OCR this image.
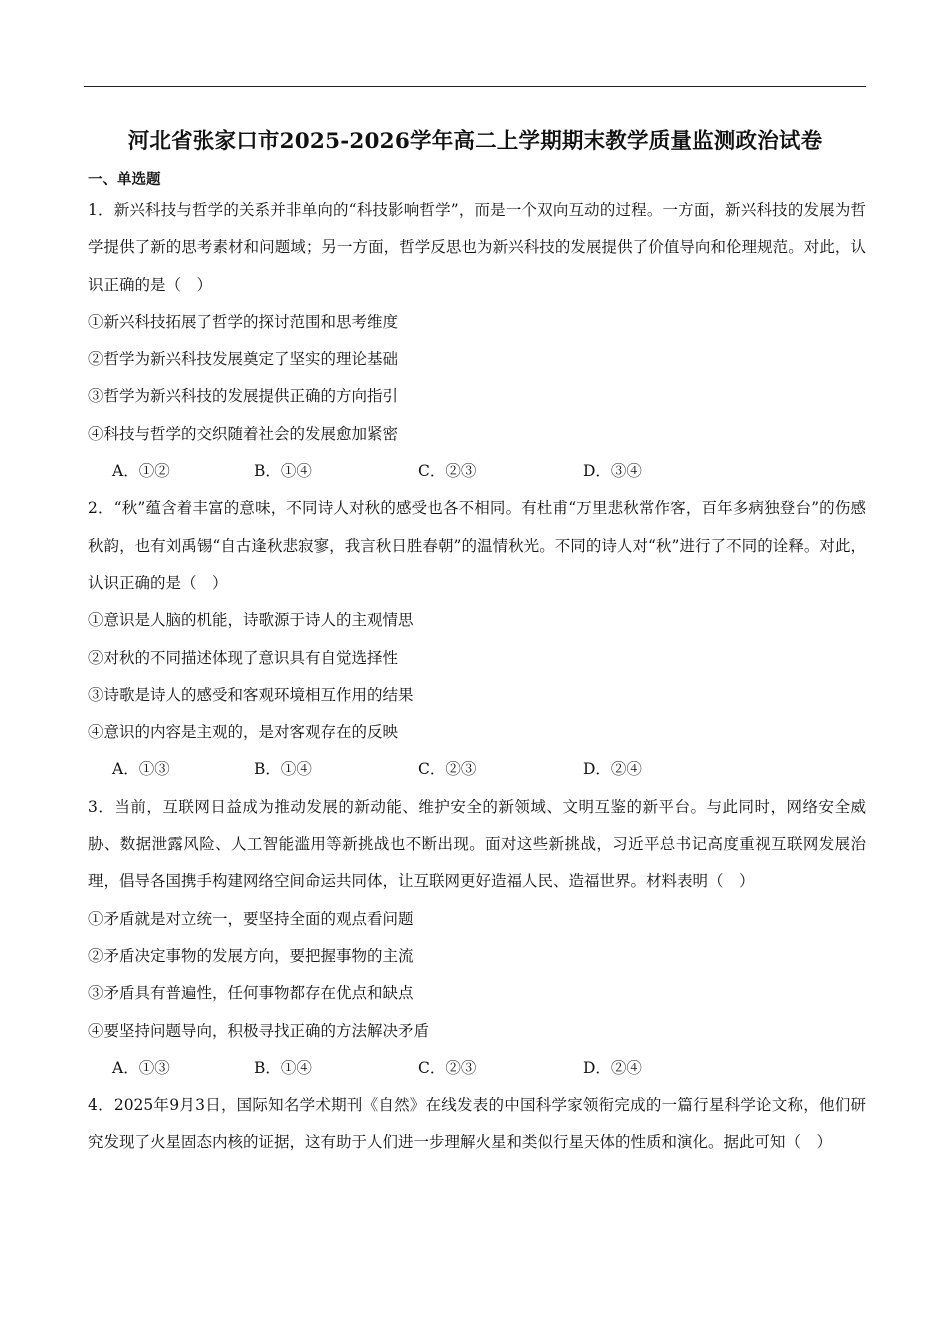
河北省张家口市2025-2026学年高二上学期期末教学质量监测政治试卷
一、单选题

1．新兴科技与哲学的关系并非单向的“科技影响哲学”，而是一个双向互动的过程。一方面，新兴科技的发展为哲学提供了新的思考素材和问题域；另一方面，哲学反思也为新兴科技的发展提供了价值导向和伦理规范。对此，认识正确的是（　）

①新兴科技拓展了哲学的探讨范围和思考维度

②哲学为新兴科技发展奠定了坚实的理论基础

③哲学为新兴科技的发展提供正确的方向指引

④科技与哲学的交织随着社会的发展愈加紧密

A．①②	B．①④	C．②③	D．③④

2．“秋”蕴含着丰富的意味，不同诗人对秋的感受也各不相同。有杜甫“万里悲秋常作客，百年多病独登台”的伤感秋韵，也有刘禹锡“自古逢秋悲寂寥，我言秋日胜春朝”的温情秋光。不同的诗人对“秋”进行了不同的诠释。对此，认识正确的是（　）

①意识是人脑的机能，诗歌源于诗人的主观情思

②对秋的不同描述体现了意识具有自觉选择性

③诗歌是诗人的感受和客观环境相互作用的结果

④意识的内容是主观的，是对客观存在的反映

A．①③	B．①④	C．②③	D．②④

3．当前，互联网日益成为推动发展的新动能、维护安全的新领域、文明互鉴的新平台。与此同时，网络安全威胁、数据泄露风险、人工智能滥用等新挑战也不断出现。面对这些新挑战，习近平总书记高度重视互联网发展治理，倡导各国携手构建网络空间命运共同体，让互联网更好造福人民、造福世界。材料表明（　）

①矛盾就是对立统一，要坚持全面的观点看问题

②矛盾决定事物的发展方向，要把握事物的主流

③矛盾具有普遍性，任何事物都存在优点和缺点

④要坚持问题导向，积极寻找正确的方法解决矛盾

A．①③	B．①④	C．②③	D．②④

4．2025年9月3日，国际知名学术期刊《自然》在线发表的中国科学家领衔完成的一篇行星科学论文称，他们研究发现了火星固态内核的证据，这有助于人们进一步理解火星和类似行星天体的性质和演化。据此可知（　）
